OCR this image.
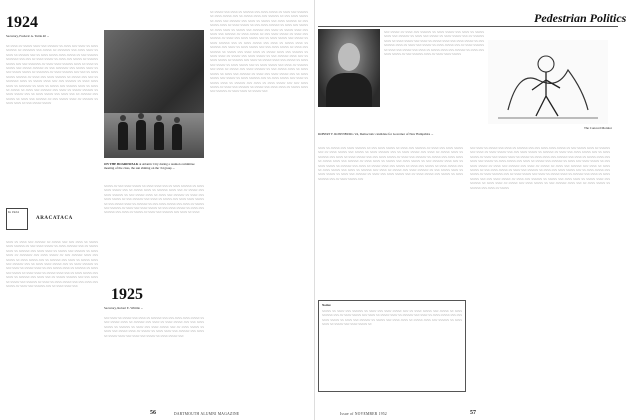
1924
Secretary, Frederic A. Tuttle 40 ...

~~ ~~~~ ~~ ~~~~~ ~~~~ ~~~ ~~~~~~ ~~ ~~~~ ~~~ ~~~~ ~~ ~~~~ ~~~~~~ ~~ ~~~~~~~ ~~~ ~~~~~ ~~ ~~~~~~~ ~~~ ~~~~ ~~~~ ~~ ~~~~ ~~ ~~~~~~ ~~~ ~~ ~~~~ ~~~~~ ~~~~ ~~~~~ ~~ ~~~ ~~~~~~ ~~~~~~~ ~~~ ~~~ ~~ ~~~~ ~~~~~ ~~ ~~~~ ~~~ ~~~~~ ~~ ~~~~~~ ~~~~~ ~~~ ~~~ ~~~~~~~ ~~ ~~~~ ~~~~ ~~~~~~ ~~~~ ~~ ~~~~ ~~ ~~~~~ ~~~ ~~~~~ ~~~~~~ ~~ ~~~ ~~~~~~~ ~~~ ~~~~~ ~~~~ ~~ ~~~ ~~~~~ ~~~~~ ~~ ~~~~~~~ ~~ ~~~~ ~~~~~~ ~~~ ~~~ ~~ ~~~~ ~~~~~ ~~~~~~ ~~ ~~~~ ~~~ ~~~~ ~~~~~~ ~~ ~~~~~ ~~~ ~~~ ~~ ~~~~~~~ ~~~~ ~~ ~~~~~ ~~~~ ~~~ ~~~ ~~~~~~ ~~ ~~~~ ~~~~ ~~~~ ~~ ~~~~~~~ ~~ ~~~~ ~~ ~~~~~ ~~~ ~~~~~~ ~~~~ ~~ ~~~~ ~~ ~~~~~ ~~ ~~~~ ~~~ ~~~~~~ ~~~ ~~~~ ~~ ~~~~~ ~~~~~~ ~~ ~~~~ ~~~~~ ~~~ ~~ ~~~~ ~~~~~ ~~~ ~~~~ ~~~ ~~ ~~~~~~ ~~~ ~~~~~ ~~ ~~~~ ~~~ ~~~~~~ ~~ ~~~ ~~~~~ ~~~~ ~~ ~~~~~~ ~~ ~~~~ ~~~~ ~~ ~~~ ~~~~~ ~~~~~

In 1924
ARACATACA

~~~~ ~~ ~~~~ ~~~ ~~~~~~ ~~ ~~~~~ ~~~ ~~~ ~~~~ ~~ ~~~~~ ~~~~ ~~~~~~ ~~ ~~~ ~~~~ ~~~~~ ~~ ~~~~ ~~~~~~ ~~~ ~~ ~~~~~ ~~~~ ~~ ~~~~~~ ~~~ ~~~~ ~~~~ ~~ ~~~~~ ~~~ ~~~~~~ ~~ ~~~~ ~~~~ ~~ ~~~~~~~ ~~~ ~~~~ ~~~~~ ~~ ~~~ ~~~~~~ ~~~~ ~~~ ~~~~~ ~~ ~~~~ ~~~~~ ~~~ ~~ ~~~~~~ ~~~ ~~~~ ~~ ~~~~~ ~~~~ ~~~ ~~~~~~ ~~~ ~~ ~~~~ ~~~~ ~~~~~ ~~~ ~~ ~~~~ ~~~~~~ ~~ ~~~ ~~~~ ~~ ~~~~~ ~~~~ ~~ ~~~ ~~~~~ ~~~~ ~~ ~~~~~~ ~~ ~~~~ ~~~ ~~~~~ ~~ ~~~~ ~~~~ ~~ ~~~~~ ~~~~ ~~~ ~~ ~~~~ ~~~~~ ~~~ ~~~~ ~~ ~~~~~~ ~~~ ~~~~ ~~~ ~~ ~~~~~ ~~~~~~ ~~~ ~~~ ~~~~ ~~ ~~~~~ ~~~ ~~~~~~ ~~ ~~~~ ~~ ~~~~ ~~~~~ ~~~ ~~~ ~~~~ ~~~ ~~~~~ ~~ ~~~~ ~~~ ~~~~~~ ~~~ ~~ ~~~~ ~~~~ ~~~

ON THE BOARDWALK at Atlantic City during a reunion committee meeting of the class, the sun shining on the '24 group ...

~~~~~ ~~ ~~~ ~~~~ ~~~~~ ~~ ~~~~ ~~~~ ~~~ ~~ ~~~~ ~~~~~~ ~~ ~~~~ ~~~~ ~~~~~ ~~~ ~~ ~~~~~ ~~~~ ~~ ~~~~~~ ~~~~ ~~~ ~~ ~~~~~ ~~~ ~~~~ ~~~~~~ ~~ ~~~ ~~~~~ ~~~~ ~~ ~~~~ ~~~ ~~~~~~ ~~ ~~~~ ~~~ ~~~~ ~~~~~ ~~ ~~~ ~~~~~~ ~~~ ~~~~ ~~ ~~~~~ ~~~ ~~~~ ~~~~ ~~~~~ ~~ ~~~ ~~~~~ ~~~~ ~~ ~~~~~~ ~~ ~~~ ~~~~ ~~~~~ ~~~ ~~~~ ~~ ~~~~~ ~~~ ~~~~~~ ~~ ~~~~ ~~~ ~~~~ ~~~~~ ~~ ~~~ ~~~~ ~~~~~ ~~ ~~~~ ~~~ ~~~~~~ ~~~ ~~~~ ~~ ~~~~~ ~~ ~~~~ ~~~ ~~~~~~ ~~~ ~~~~ ~~ ~~~~

1925
Secretary, Robert E. Whittle ...

~~~ ~~~~ ~~ ~~~~~ ~~~ ~~~~ ~~ ~~~~~~ ~~~ ~~~ ~~~~ ~~~~ ~~~~~ ~~ ~~~ ~~~~~ ~~~~ ~~ ~~~~~~ ~~~ ~~~~ ~~ ~~~~ ~~~~~ ~~~ ~~~ ~~~~ ~~~~~ ~~ ~~~~~~ ~~ ~~~~ ~~~ ~~~~ ~~~~~ ~~~ ~~ ~~~~ ~~~~~ ~~ ~~~~ ~~~ ~~~~~ ~~~~ ~~ ~~~~~ ~~ ~~~~ ~~~~ ~~~ ~~~~~~ ~~~ ~~~~ ~~ ~~~~~ ~~~~ ~~~ ~~~~ ~~~ ~~~~~ ~~ ~~~~ ~~~~~ ~~~

~~ ~~~~~ ~~~ ~~~~ ~~ ~~~~~~ ~~~ ~~~~ ~~~~~ ~~ ~~~~ ~~~ ~~~~~~ ~~ ~~~~ ~~~~~ ~~~ ~~ ~~~~~ ~~~~ ~~~ ~~~~~~ ~~ ~~~ ~~~~ ~~~~~ ~~ ~~~~ ~~~ ~~~~~~ ~~~ ~~~~ ~~ ~~~~~ ~~~ ~~~~ ~~~~~~ ~~ ~~~ ~~~~~ ~~~~ ~~ ~~~~ ~~~~~ ~~ ~~~ ~~~~ ~~~~~~ ~~ ~~~~ ~~~ ~~~~~ ~~ ~~~~ ~~~~ ~~ ~~~~~ ~~~ ~~~~~~ ~~~ ~~~~ ~~ ~~~~~ ~~~~ ~~~ ~~~~ ~~~ ~~~~~~ ~~ ~~~~ ~~~~~ ~~ ~~~ ~~~~ ~~~~~ ~~ ~~~~ ~~~ ~~~~~~ ~~ ~~~~ ~~~ ~~~~ ~~~~~ ~~~ ~~ ~~~~ ~~~~~ ~~~ ~~~~~ ~~ ~~~~ ~~~~~~ ~~~ ~~ ~~~~ ~~~~~ ~~~ ~~~~ ~~ ~~~~~ ~~~~ ~~ ~~~~~~ ~~~ ~~~~ ~~ ~~~~ ~~~~~ ~~~ ~~~ ~~~~ ~~~~~ ~~ ~~~~ ~~~ ~~~~~~ ~~ ~~~~~ ~~~ ~~~~ ~~~~ ~~ ~~~~~ ~~~~ ~~~ ~~~~~~ ~~ ~~~~ ~~~~ ~~ ~~~~~ ~~~ ~~~~ ~~~~~ ~~ ~~~ ~~~~~~ ~~~~ ~~~ ~~ ~~~~ ~~~~~ ~~ ~~~~~~ ~~~ ~~~~ ~~ ~~~~~ ~~~~ ~~~ ~~~~~ ~~ ~~~~ ~~~ ~~~~~ ~~ ~~~~ ~~~~~ ~~~ ~~ ~~~~ ~~~~~ ~~~ ~~~~ ~~ ~~~~~~ ~~~ ~~~~ ~~ ~~~~~ ~~~ ~~~~ ~~~~~~ ~~ ~~~ ~~~~~ ~~~~ ~~ ~~~~ ~~~~~ ~~ ~~~~ ~~~ ~~~~~~ ~~ ~~~~ ~~~ ~~~~ ~~~~~ ~~~ ~~ ~~~~ ~~~~~ ~~~ ~~~~~ ~~ ~~~~ ~~~~~~ ~~~ ~~ ~~~~ ~~~~~ ~~~ ~~~~ ~~ ~~~~~ ~~~~ ~~ ~~~~~~ ~~~ ~~~~ ~~ ~~~~ ~~~~~ ~~~ ~~~ ~~~~ ~~~~~ ~~ ~~~~ ~~~ ~~~~~~ ~~ ~~~~~ ~~~ ~~~~ ~~~~ ~~ ~~~~~ ~~~~ ~~~ ~~~~~~ ~~ ~~~~ ~~~~ ~~ ~~~~~ ~~~

56	DARTMOUTH ALUMNI MAGAZINE
Pedestrian Politics

~~~ ~~~~~ ~~ ~~~~ ~~~ ~~~~~~ ~~ ~~~~ ~~~~~ ~~~ ~~~~ ~~ ~~~~~ ~~~~ ~~~ ~~~~~~ ~~ ~~~~ ~~~ ~~~~~ ~~ ~~~~ ~~~~~ ~~~ ~~ ~~~~~~ ~~~~ ~~ ~~~~ ~~~~~ ~~~ ~~~~ ~~ ~~~~~ ~~~~ ~~~ ~~~~ ~~~~~ ~~ ~~~ ~~~~~~ ~~~~ ~~ ~~~~ ~~~ ~~~~~ ~~ ~~~~ ~~~~~ ~~~ ~~ ~~~~ ~~~~~~ ~~ ~~~~ ~~~ ~~~~~ ~~~ ~~~~ ~~ ~~~~~ ~~~~ ~~~ ~~~~~~ ~~ ~~~~ ~~~ ~~~~ ~~~~~ ~~ ~~~ ~~~~~~ ~~~~ ~~ ~~~~ ~~~~ ~~~~~

The Concord Monitor
ROBERT F. ROSENBURG '24, Democratic candidate for Governor of New Hampshire ...

~~~~ ~~ ~~~~~ ~~~ ~~~~ ~~~~~~ ~~ ~~~ ~~~~ ~~~~~ ~~ ~~~~ ~~~ ~~~~~~ ~~ ~~~~ ~~~ ~~~~ ~~~~~ ~~~ ~~ ~~~~ ~~~~~ ~~~ ~~~~~ ~~ ~~~~ ~~~~~~ ~~~ ~~ ~~~~ ~~~~~ ~~~ ~~~~ ~~ ~~~~~ ~~~~ ~~ ~~~~~~ ~~~ ~~~~ ~~ ~~~~ ~~~~~ ~~~ ~~~ ~~~~ ~~~~~ ~~ ~~~~ ~~~ ~~~~~~ ~~ ~~~~~ ~~~ ~~~~ ~~~~ ~~ ~~~~~ ~~~~ ~~~ ~~~~~~ ~~ ~~~~ ~~~~ ~~ ~~~~~ ~~~ ~~~~ ~~~~~ ~~ ~~~ ~~~~~~ ~~~~ ~~~ ~~ ~~~~ ~~~~~ ~~ ~~~~~~ ~~~ ~~~~ ~~ ~~~~~ ~~~~ ~~~ ~~~~~ ~~ ~~~~ ~~~ ~~~~~ ~~ ~~~~ ~~~~~ ~~~ ~~ ~~~~ ~~~~~ ~~~ ~~~~ ~~ ~~~~~~ ~~~ ~~~~ ~~ ~~~~~ ~~~ ~~~~ ~~~~~~ ~~ ~~~ ~~~~~ ~~~~ ~~ ~~~~ ~~~~~ ~~ ~~~~ ~~~ ~~~~~~ ~~ ~~~~ ~~~ ~~~~ ~~~~~ ~~~ ~~ ~~~~ ~~~~~ ~~~ ~~~~~ ~~ ~~~~ ~~~~~~ ~~~ ~~ ~~~~ ~~~~~ ~~~

Notice

~~~~~ ~~ ~~~~ ~~~ ~~~~~~ ~~ ~~~~ ~~~ ~~~~ ~~~~~ ~~~ ~~ ~~~~ ~~~~~ ~~~ ~~~~~ ~~ ~~~~ ~~~~~~ ~~~ ~~ ~~~~ ~~~~~ ~~~ ~~~~ ~~ ~~~~~ ~~~~ ~~ ~~~~~~ ~~~ ~~~~ ~~ ~~~~ ~~~~~ ~~~ ~~~ ~~~~ ~~~~~ ~~ ~~~~ ~~~ ~~~~~~ ~~ ~~~~~ ~~~ ~~~~ ~~~~ ~~ ~~~~~ ~~~~ ~~~ ~~~~~~ ~~ ~~~~ ~~~~ ~~ ~~~~~ ~~~ ~~~~ ~~~~~ ~~

~~~ ~~~~ ~~ ~~~~~ ~~~ ~~~~ ~~ ~~~~~~ ~~~ ~~~ ~~~~ ~~~~ ~~~~~ ~~ ~~~ ~~~~~ ~~~~ ~~ ~~~~~~ ~~~ ~~~~ ~~ ~~~~ ~~~~~ ~~~ ~~~ ~~~~ ~~~~~ ~~ ~~~~~~ ~~ ~~~~ ~~~ ~~~~ ~~~~~ ~~~ ~~ ~~~~ ~~~~~ ~~ ~~~~ ~~~ ~~~~~ ~~~~ ~~ ~~~~~ ~~ ~~~~ ~~~~ ~~~ ~~~~~~ ~~~ ~~~~ ~~ ~~~~~ ~~~~ ~~~ ~~~~ ~~~ ~~~~~ ~~ ~~~~ ~~~~~ ~~~ ~~~~ ~~ ~~~~~ ~~~ ~~~~~~ ~~ ~~~~ ~~~ ~~~~ ~~~~~ ~~ ~~~ ~~~~ ~~~~~ ~~ ~~~~ ~~~ ~~~~~~ ~~~ ~~~~ ~~ ~~~~~ ~~ ~~~~ ~~~ ~~~~~~ ~~~ ~~~~ ~~ ~~~~ ~~~~~ ~~ ~~~ ~~~~ ~~~~~ ~~ ~~~~ ~~~ ~~~~~~ ~~ ~~~~ ~~~ ~~~~ ~~~~~ ~~~ ~~ ~~~~ ~~~~~ ~~~ ~~~~~ ~~ ~~~~ ~~~~~~ ~~~ ~~ ~~~~ ~~~~~ ~~~ ~~~~ ~~ ~~~~~ ~~~~ ~~ ~~~~~~ ~~~ ~~~~ ~~ ~~~~ ~~~~~ ~~~ ~~~ ~~~~ ~~~~~ ~~ ~~~~ ~~~ ~~~~~~ ~~ ~~~~~ ~~~ ~~~~ ~~~~ ~~ ~~~~~ ~~~~ ~~~ ~~~~~~ ~~ ~~~~ ~~~~ ~~ ~~~~~ ~~~ ~~~~ ~~~~~ ~~ ~~~ ~~~~~~ ~~~~ ~~~ ~~ ~~~~ ~~~~~ ~~ ~~~~~~ ~~~ ~~~~ ~~ ~~~~~

Issue of NOVEMBER 1952	57
